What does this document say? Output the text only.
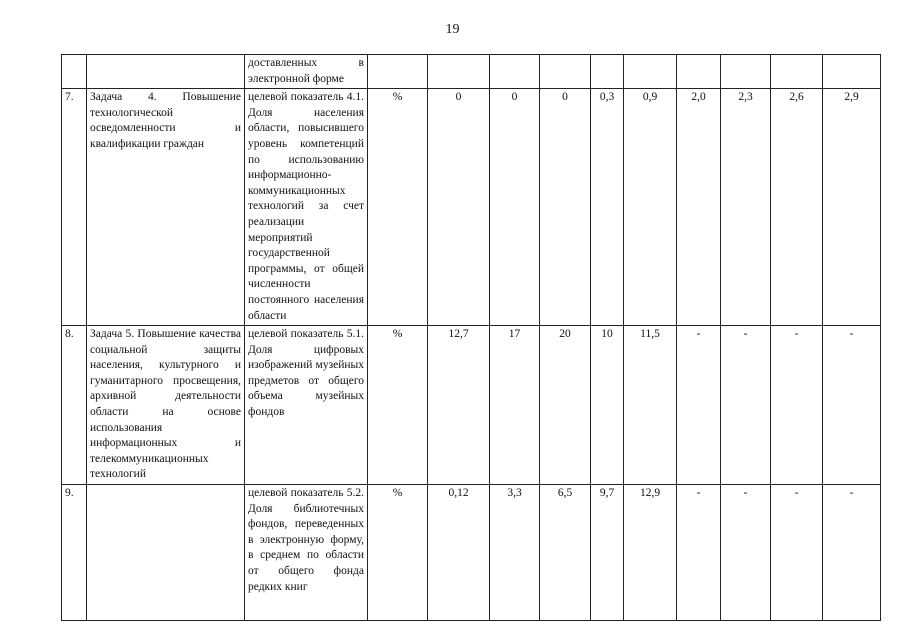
19
		доставленных в электронной форме										
7.	Задача 4. Повышение технологической осведомленности и квалификации граждан	целевой показатель 4.1. Доля населения области, повысившего уровень компетенций по использованию информационно-коммуникационных технологий за счет реализации мероприятий государственной программы, от общей численности постоянного населения области	%	0	0	0	0,3	0,9	2,0	2,3	2,6	2,9
8.	Задача 5. Повышение качества социальной защиты населения, культурного и гуманитарного просвещения, архивной деятельности области на основе использования информационных и телекоммуникационных технологий	целевой показатель 5.1. Доля цифровых изображений музейных предметов от общего объема музейных фондов	%	12,7	17	20	10	11,5	-	-	-	-
9.		целевой показатель 5.2. Доля библиотечных фондов, переведенных в электронную форму, в среднем по области от общего фонда редких книг	%	0,12	3,3	6,5	9,7	12,9	-	-	-	-
